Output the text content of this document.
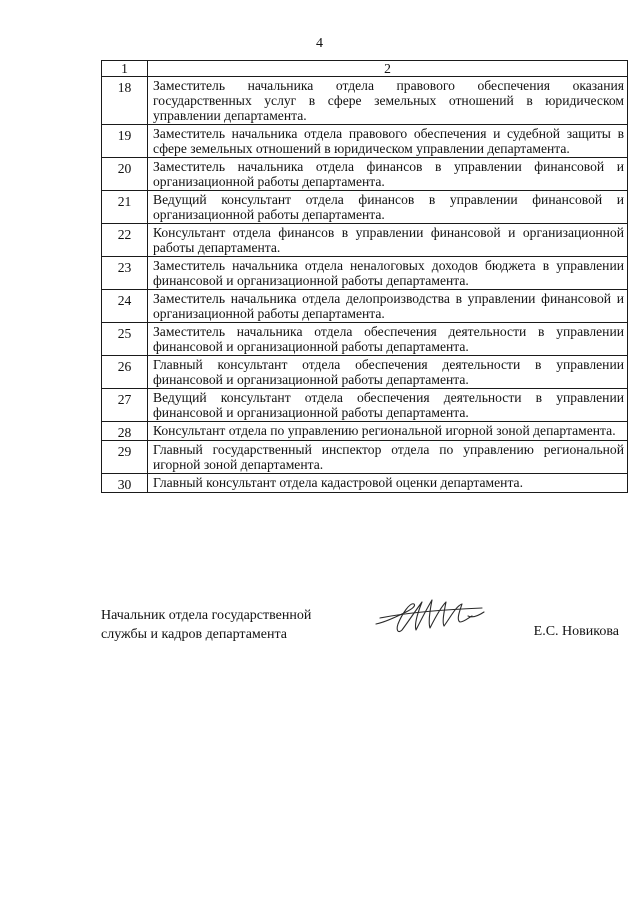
4
1	2
18	Заместитель начальника отдела правового обеспечения оказания государственных услуг в сфере земельных отношений в юридическом управлении департамента.
19	Заместитель начальника отдела правового обеспечения и судебной защиты в сфере земельных отношений в юридическом управлении департамента.
20	Заместитель начальника отдела финансов в управлении финансовой и организационной работы департамента.
21	Ведущий консультант отдела финансов в управлении финансовой и организационной работы департамента.
22	Консультант отдела финансов в управлении финансовой и организационной работы департамента.
23	Заместитель начальника отдела неналоговых доходов бюджета в управлении финансовой и организационной работы департамента.
24	Заместитель начальника отдела делопроизводства в управлении финансовой и организационной работы департамента.
25	Заместитель начальника отдела обеспечения деятельности в управлении финансовой и организационной работы департамента.
26	Главный консультант отдела обеспечения деятельности в управлении финансовой и организационной работы департамента.
27	Ведущий консультант отдела обеспечения деятельности в управлении финансовой и организационной работы департамента.
28	Консультант отдела по управлению региональной игорной зоной департамента.
29	Главный государственный инспектор отдела по управлению региональной игорной зоной департамента.
30	Главный консультант отдела кадастровой оценки департамента.
Начальник отдела государственной
службы и кадров департамента	Е.С. Новикова
